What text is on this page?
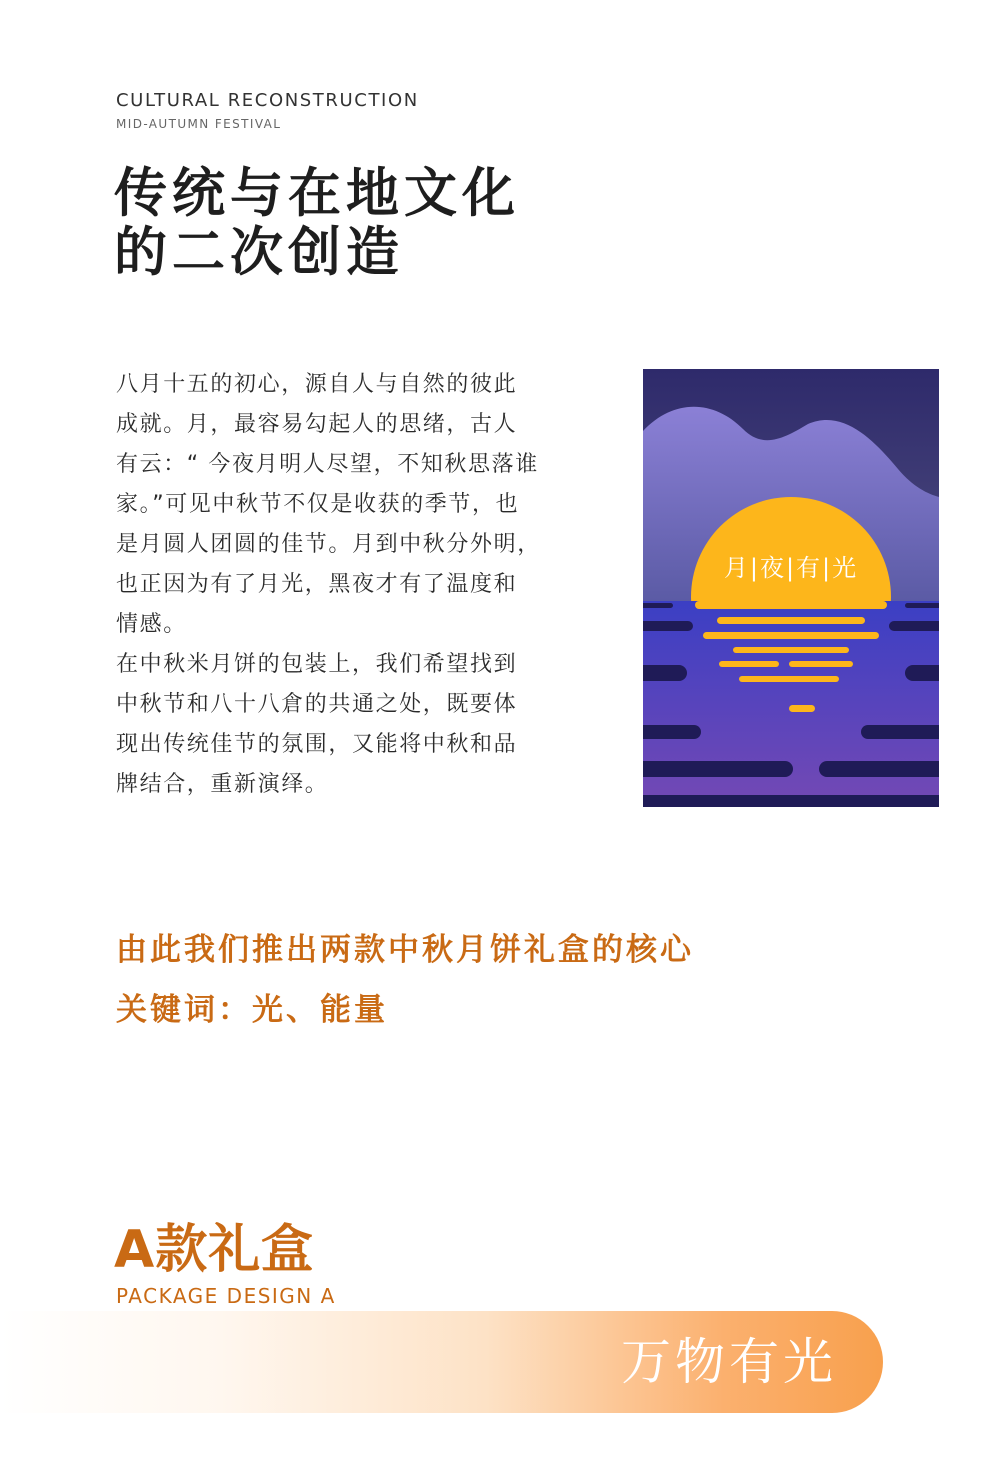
CULTURAL RECONSTRUCTION
MID-AUTUMN FESTIVAL
传统与在地文化
的二次创造

八月十五的初心，源自人与自然的彼此
成就。月，最容易勾起人的思绪，古人
有云：“ 今夜月明人尽望，不知秋思落谁
家。”可见中秋节不仅是收获的季节，也
是月圆人团圆的佳节。月到中秋分外明，
也正因为有了月光，黑夜才有了温度和
情感。

在中秋米月饼的包装上，我们希望找到
中秋节和八十八倉的共通之处，既要体
现出传统佳节的氛围，又能将中秋和品
牌结合，重新演绎。

月|夜|有|光
由此我们推出两款中秋月饼礼盒的核心
关键词：光、能量
A款礼盒
PACKAGE DESIGN A
万物有光
